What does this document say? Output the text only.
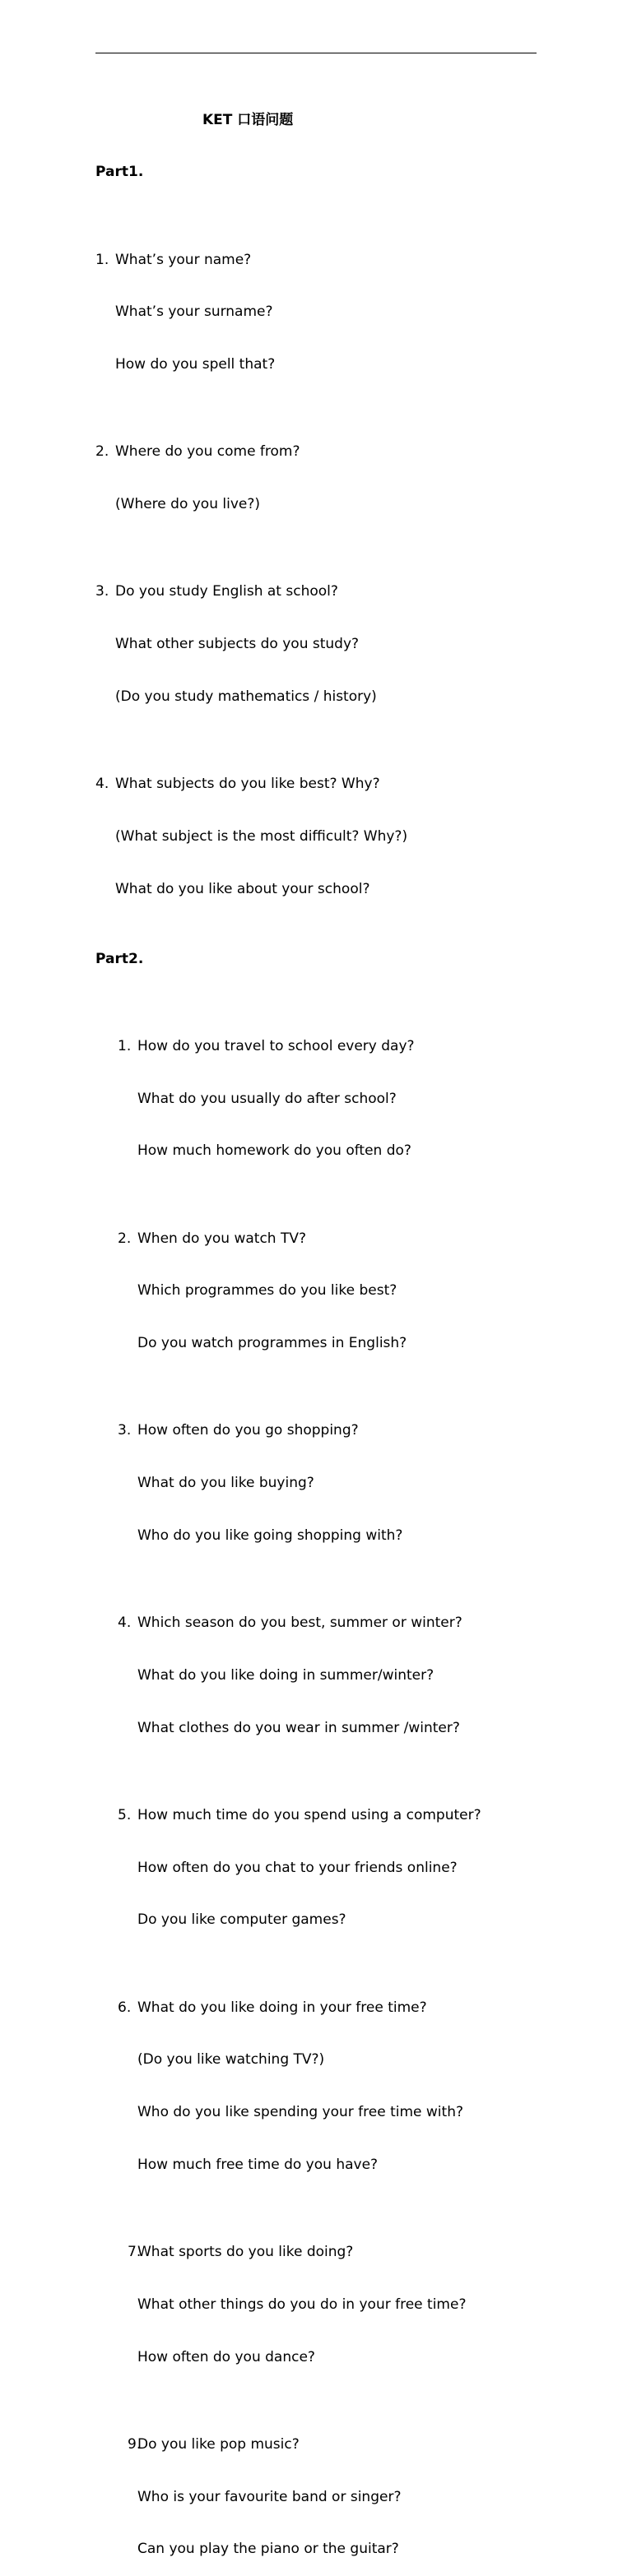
KET 口语问题

Part1.

1. What’s your name?

What’s your surname?

How do you spell that?

2. Where do you come from?

(Where do you live?)

3. Do you study English at school?

What other subjects do you study?

(Do you study mathematics / history)

4. What subjects do you like best? Why?

(What subject is the most difficult? Why?)

What do you like about your school?

Part2.

1. How do you travel to school every day?

What do you usually do after school?

How much homework do you often do?

2. When do you watch TV?

Which programmes do you like best?

Do you watch programmes in English?

3. How often do you go shopping?

What do you like buying?

Who do you like going shopping with?

4. Which season do you best, summer or winter?

What do you like doing in summer/winter?

What clothes do you wear in summer /winter?

5. How much time do you spend using a computer?

How often do you chat to your friends online?

Do you like computer games?

6. What do you like doing in your free time?

(Do you like watching TV?)

Who do you like spending your free time with?

How much free time do you have?

7.
What sports do you like doing?

What other things do you do in your free time?

How often do you dance?

9.
Do you like pop music?

Who is your favourite band or singer?

Can you play the piano or the guitar?
